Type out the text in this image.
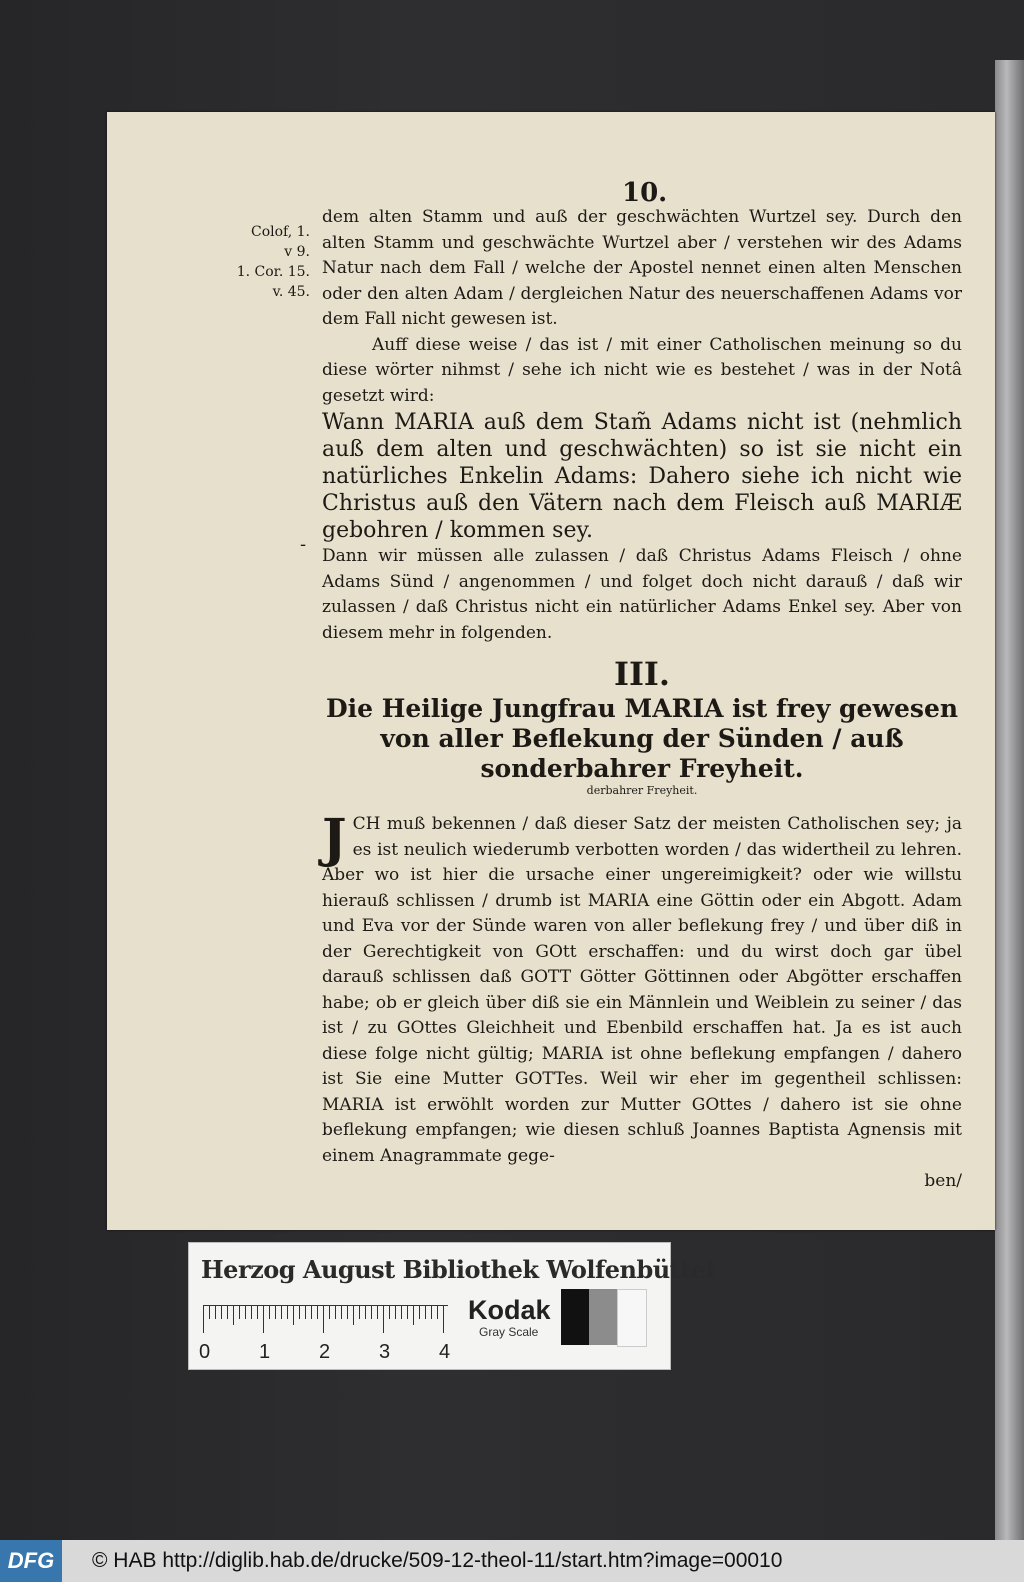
10.
Colof, 1.
v 9.
1. Cor. 15.
v. 45.
-

dem alten Stamm und auß der geschwächten Wurtzel sey. Durch den alten Stamm und geschwächte Wurtzel aber / verstehen wir des Adams Natur nach dem Fall / welche der Apostel nennet einen alten Menschen oder den alten Adam / dergleichen Natur des neuerschaffenen Adams vor dem Fall nicht gewesen ist.

Auff diese weise / das ist / mit einer Catholischen meinung so du diese wörter nihmst / sehe ich nicht wie es bestehet / was in der Notâ gesetzt wird:

Wann MARIA auß dem Stam̃ Adams nicht ist (nehmlich auß dem alten und geschwächten) so ist sie nicht ein natürliches Enkelin Adams: Dahero siehe ich nicht wie Christus auß den Vätern nach dem Fleisch auß MARIÆ gebohren / kommen sey.

Dann wir müssen alle zulassen / daß Christus Adams Fleisch / ohne Adams Sünd / angenommen / und folget doch nicht darauß / daß wir zulassen / daß Christus nicht ein natürlicher Adams Enkel sey. Aber von diesem mehr in folgenden.

III.
Die Heilige Jungfrau MARIA ist frey gewesen von aller Beflekung der Sünden / auß sonderbahrer Freyheit.
derbahrer Freyheit.

JCH muß bekennen / daß dieser Satz der meisten Catholischen sey; ja es ist neulich wiederumb verbotten worden / das widertheil zu lehren. Aber wo ist hier die ursache einer ungereimigkeit? oder wie willstu hierauß schlissen / drumb ist MARIA eine Göttin oder ein Abgott. Adam und Eva vor der Sünde waren von aller beflekung frey / und über diß in der Gerechtigkeit von GOtt erschaffen: und du wirst doch gar übel darauß schlissen daß GOTT Götter Göttinnen oder Abgötter erschaffen habe; ob er gleich über diß sie ein Männlein und Weiblein zu seiner / das ist / zu GOttes Gleichheit und Ebenbild erschaffen hat. Ja es ist auch diese folge nicht gültig; MARIA ist ohne beflekung empfangen / dahero ist Sie eine Mutter GOTTes. Weil wir eher im gegentheil schlissen: MARIA ist erwöhlt worden zur Mutter GOttes / dahero ist sie ohne beflekung empfangen; wie diesen schluß Joannes Baptista Agnensis mit einem Anagrammate gege-

ben/

Herzog August Bibliothek Wolfenbüttel
0 1 2 3 4
Kodak
Gray Scale
DFG	© HAB http://diglib.hab.de/drucke/509-12-theol-11/start.htm?image=00010
